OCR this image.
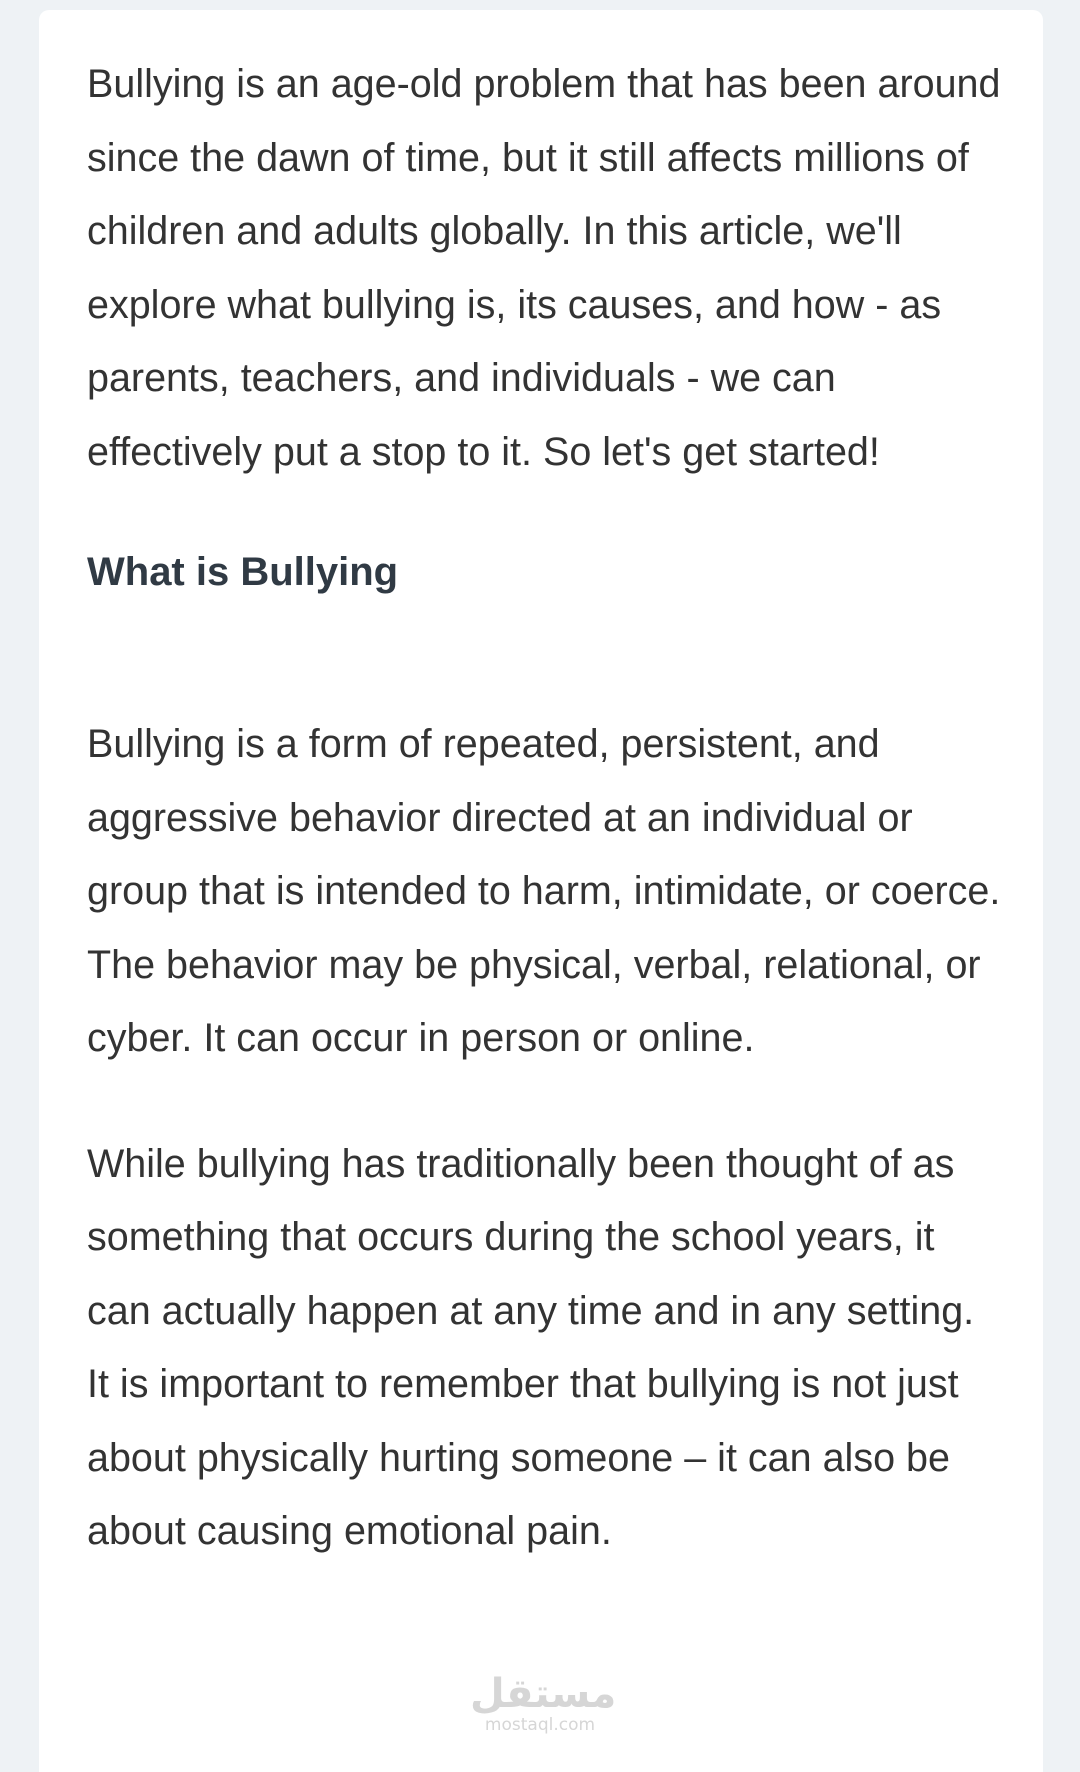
Bullying is an age-old problem that has been around since the dawn of time, but it still affects millions of children and adults globally. In this article, we'll explore what bullying is, its causes, and how - as parents, teachers, and individuals - we can effectively put a stop to it. So let's get started!

What is Bullying

Bullying is a form of repeated, persistent, and aggressive behavior directed at an individual or group that is intended to harm, intimidate, or coerce. The behavior may be physical, verbal, relational, or cyber. It can occur in person or online.

While bullying has traditionally been thought of as something that occurs during the school years, it can actually happen at any time and in any setting. It is important to remember that bullying is not just about physically hurting someone – it can also be about causing emotional pain.

مستقل
mostaql.com
